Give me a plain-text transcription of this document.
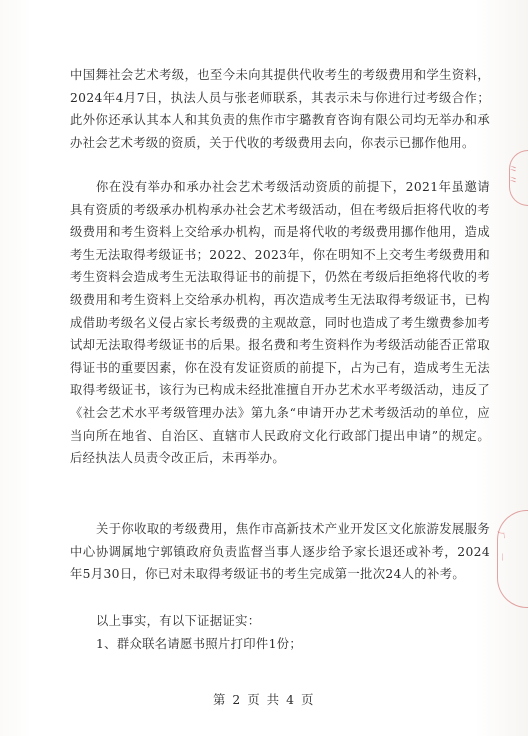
〃〃
ㄏ　ㄧ

中国舞社会艺术考级，也至今未向其提供代收考生的考级费用和学生资料，2024年4月7日，执法人员与张老师联系，其表示未与你进行过考级合作；此外你还承认其本人和其负责的焦作市宇璐教育咨询有限公司均无举办和承办社会艺术考级的资质，关于代收的考级费用去向，你表示已挪作他用。

你在没有举办和承办社会艺术考级活动资质的前提下，2021年虽邀请具有资质的考级承办机构承办社会艺术考级活动，但在考级后拒将代收的考级费用和考生资料上交给承办机构，而是将代收的考级费用挪作他用，造成考生无法取得考级证书；2022、2023年，你在明知不上交考生考级费用和考生资料会造成考生无法取得证书的前提下，仍然在考级后拒绝将代收的考级费用和考生资料上交给承办机构，再次造成考生无法取得考级证书，已构成借助考级名义侵占家长考级费的主观故意，同时也造成了考生缴费参加考试却无法取得考级证书的后果。报名费和考生资料作为考级活动能否正常取得证书的重要因素，你在没有发证资质的前提下，占为己有，造成考生无法取得考级证书，该行为已构成未经批准擅自开办艺术水平考级活动，违反了《社会艺术水平考级管理办法》第九条“申请开办艺术考级活动的单位，应当向所在地省、自治区、直辖市人民政府文化行政部门提出申请”的规定。后经执法人员责令改正后，未再举办。

关于你收取的考级费用，焦作市高新技术产业开发区文化旅游发展服务中心协调属地宁郭镇政府负责监督当事人逐步给予家长退还或补考，2024年5月30日，你已对未取得考级证书的考生完成第一批次24人的补考。

以上事实，有以下证据证实：

1、群众联名请愿书照片打印件1份；

第 2 页 共 4 页
